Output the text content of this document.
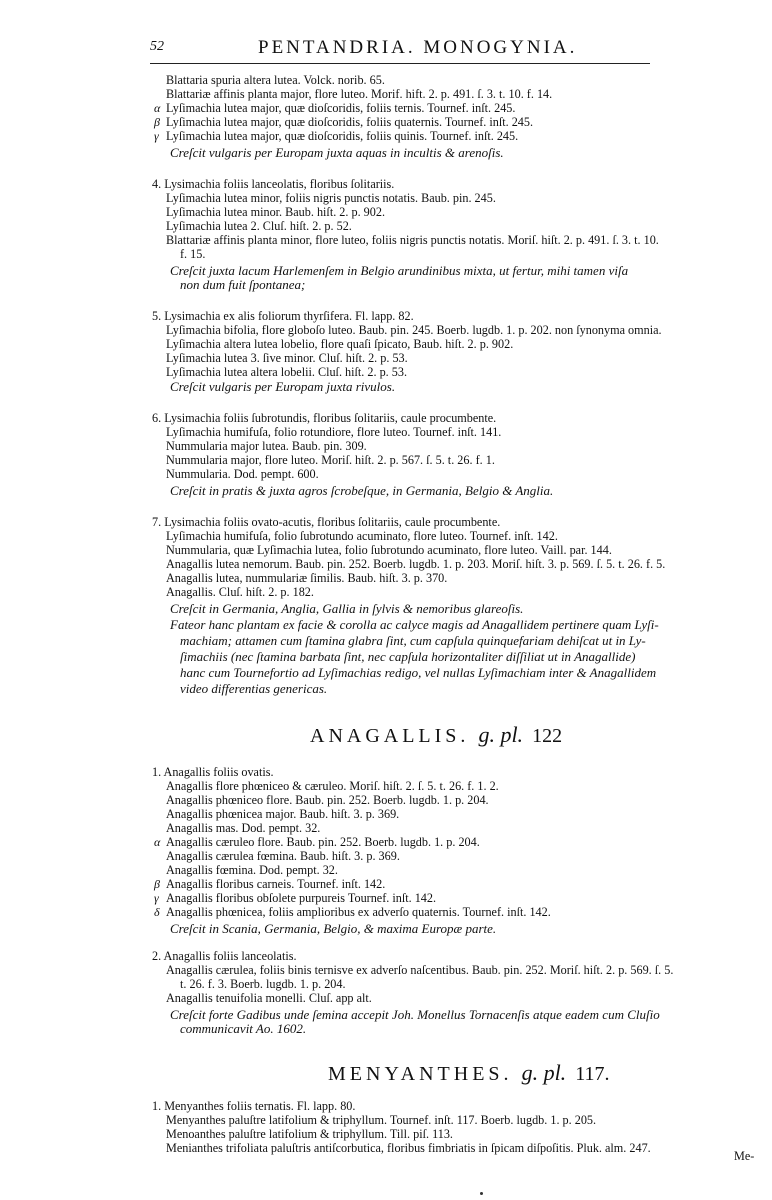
52	PENTANDRIA. MONOGYNIA.
Blattaria spuria altera lutea. Volck. norib. 65.
Blattariæ affinis planta major, flore luteo. Morif. hift. 2. p. 491. ſ. 3. t. 10. f. 14.
α Lyſimachia lutea major, quæ dioſcoridis, foliis ternis. Tournef. inſt. 245.
β Lyſimachia lutea major, quæ dioſcoridis, foliis quaternis. Tournef. inſt. 245.
γ Lyſimachia lutea major, quæ dioſcoridis, foliis quinis. Tournef. inſt. 245.
Creſcit vulgaris per Europam juxta aquas in incultis & arenoſis.
4. Lysimachia foliis lanceolatis, floribus ſolitariis.
Lyſimachia lutea minor, foliis nigris punctis notatis. Baub. pin. 245.
Lyſimachia lutea minor. Baub. hiſt. 2. p. 902.
Lyſimachia lutea 2. Cluſ. hiſt. 2. p. 52.
Blattariæ affinis planta minor, flore luteo, foliis nigris punctis notatis. Moriſ. hiſt. 2. p. 491. ſ. 3. t. 10.
f. 15.
Creſcit juxta lacum Harlemenſem in Belgio arundinibus mixta, ut fertur, mihi tamen viſa
non dum fuit ſpontanea;
5. Lysimachia ex alis foliorum thyrſifera. Fl. lapp. 82.
Lyſimachia bifolia, flore globoſo luteo. Baub. pin. 245. Boerb. lugdb. 1. p. 202. non ſynonyma omnia.
Lyſimachia altera lutea lobelio, flore quaſi ſpicato, Baub. hiſt. 2. p. 902.
Lyſimachia lutea 3. ſive minor. Cluſ. hiſt. 2. p. 53.
Lyſimachia lutea altera lobelii. Cluſ. hiſt. 2. p. 53.
Creſcit vulgaris per Europam juxta rivulos.
6. Lysimachia foliis ſubrotundis, floribus ſolitariis, caule procumbente.
Lyſimachia humifuſa, folio rotundiore, flore luteo. Tournef. inſt. 141.
Nummularia major lutea. Baub. pin. 309.
Nummularia major, flore luteo. Moriſ. hiſt. 2. p. 567. ſ. 5. t. 26. f. 1.
Nummularia. Dod. pempt. 600.
Creſcit in pratis & juxta agros ſcrobeſque, in Germania, Belgio & Anglia.
7. Lysimachia foliis ovato-acutis, floribus ſolitariis, caule procumbente.
Lyſimachia humifuſa, folio ſubrotundo acuminato, flore luteo. Tournef. inſt. 142.
Nummularia, quæ Lyſimachia lutea, folio ſubrotundo acuminato, flore luteo. Vaill. par. 144.
Anagallis lutea nemorum. Baub. pin. 252. Boerb. lugdb. 1. p. 203. Moriſ. hiſt. 3. p. 569. ſ. 5. t. 26. f. 5.
Anagallis lutea, nummulariæ ſimilis. Baub. hiſt. 3. p. 370.
Anagallis. Cluſ. hiſt. 2. p. 182.
Creſcit in Germania, Anglia, Gallia in ſylvis & nemoribus glareoſis.
Fateor hanc plantam ex facie & corolla ac calyce magis ad Anagallidem pertinere quam Lyſi-
machiam; attamen cum ſtamina glabra ſint, cum capſula quinquefariam dehiſcat ut in Ly-
ſimachiis (nec ſtamina barbata ſint, nec capſula horizontaliter diſſiliat ut in Anagallide)
hanc cum Tournefortio ad Lyſimachias redigo, vel nullas Lyſimachiam inter & Anagallidem
video differentias genericas.
ANAGALLIS. g. pl. 122
1. Anagallis foliis ovatis.
Anagallis flore phœniceo & cæruleo. Moriſ. hiſt. 2. ſ. 5. t. 26. f. 1. 2.
Anagallis phœniceo flore. Baub. pin. 252. Boerb. lugdb. 1. p. 204.
Anagallis phœnicea major. Baub. hiſt. 3. p. 369.
Anagallis mas. Dod. pempt. 32.
α Anagallis cæruleo flore. Baub. pin. 252. Boerb. lugdb. 1. p. 204.
Anagallis cærulea fœmina. Baub. hiſt. 3. p. 369.
Anagallis fœmina. Dod. pempt. 32.
β Anagallis floribus carneis. Tournef. inſt. 142.
γ Anagallis floribus obſolete purpureis Tournef. inſt. 142.
δ Anagallis phœnicea, foliis amplioribus ex adverſo quaternis. Tournef. inſt. 142.
Creſcit in Scania, Germania, Belgio, & maxima Europæ parte.
2. Anagallis foliis lanceolatis.
Anagallis cærulea, foliis binis ternisve ex adverſo naſcentibus. Baub. pin. 252. Moriſ. hiſt. 2. p. 569. ſ. 5.
t. 26. f. 3. Boerb. lugdb. 1. p. 204.
Anagallis tenuifolia monelli. Cluſ. app alt.
Creſcit forte Gadibus unde ſemina accepit Joh. Monellus Tornacenſis atque eadem cum Cluſio
communicavit Ao. 1602.
MENYANTHES. g. pl. 117.
1. Menyanthes foliis ternatis. Fl. lapp. 80.
Menyanthes paluſtre latifolium & triphyllum. Tournef. inſt. 117. Boerb. lugdb. 1. p. 205.
Menoanthes paluſtre latifolium & triphyllum. Till. piſ. 113.
Menianthes trifoliata paluſtris antiſcorbutica, floribus fimbriatis in ſpicam diſpoſitis. Pluk. alm. 247.
Me-
